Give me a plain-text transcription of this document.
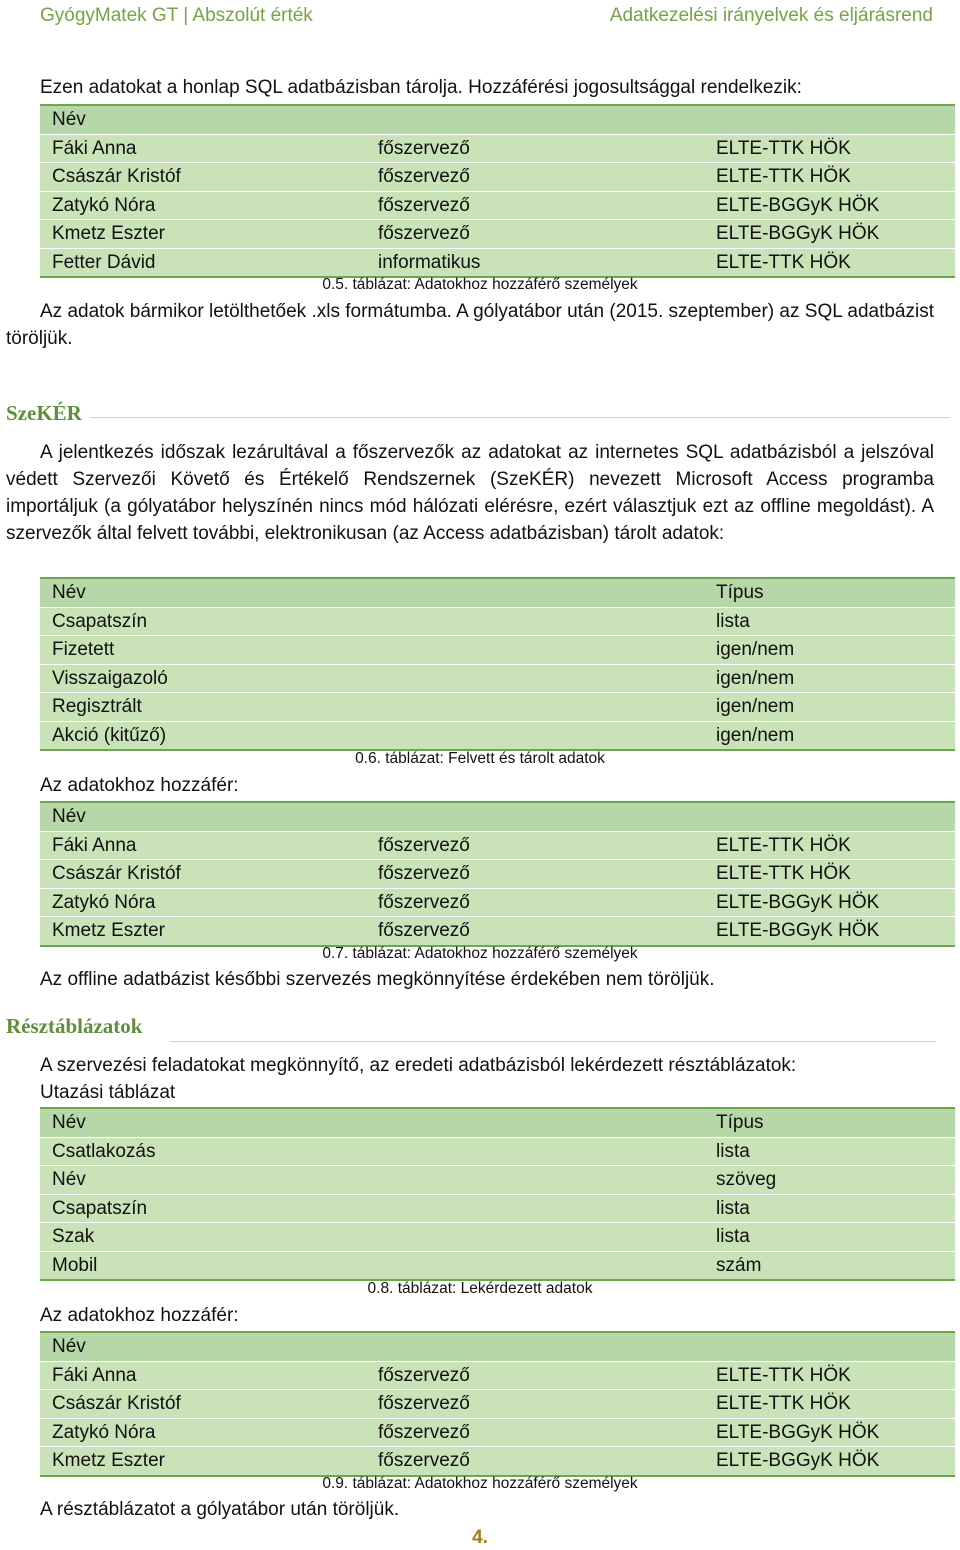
GyógyMatek GT | Abszolút érték	Adatkezelési irányelvek és eljárásrend
Ezen adatokat a honlap SQL adatbázisban tárolja. Hozzáférési jogosultsággal rendelkezik:
Név
Fáki Anna	főszervező	ELTE-TTK HÖK
Császár Kristóf	főszervező	ELTE-TTK HÖK
Zatykó Nóra	főszervező	ELTE-BGGyK HÖK
Kmetz Eszter	főszervező	ELTE-BGGyK HÖK
Fetter Dávid	informatikus	ELTE-TTK HÖK
0.5. táblázat: Adatokhoz hozzáférő személyek
Az adatok bármikor letölthetőek .xls formátumba. A gólyatábor után (2015. szeptember) az SQL adatbázist töröljük.
SzeKÉR
A jelentkezés időszak lezárultával a főszervezők az adatokat az internetes SQL adatbázisból a jelszóval védett Szervezői Követő és Értékelő Rendszernek (SzeKÉR) nevezett Microsoft Access programba importáljuk (a gólyatábor helyszínén nincs mód hálózati elérésre, ezért választjuk ezt az offline megoldást). A szervezők által felvett további, elektronikusan (az Access adatbázisban) tárolt adatok:
Név	Típus
Csapatszín	lista
Fizetett	igen/nem
Visszaigazoló	igen/nem
Regisztrált	igen/nem
Akció (kitűző)	igen/nem
0.6. táblázat: Felvett és tárolt adatok
Az adatokhoz hozzáfér:
Név
Fáki Anna	főszervező	ELTE-TTK HÖK
Császár Kristóf	főszervező	ELTE-TTK HÖK
Zatykó Nóra	főszervező	ELTE-BGGyK HÖK
Kmetz Eszter	főszervező	ELTE-BGGyK HÖK
0.7. táblázat: Adatokhoz hozzáférő személyek
Az offline adatbázist későbbi szervezés megkönnyítése érdekében nem töröljük.
Résztáblázatok
A szervezési feladatokat megkönnyítő, az eredeti adatbázisból lekérdezett résztáblázatok:
Utazási táblázat
Név	Típus
Csatlakozás	lista
Név	szöveg
Csapatszín	lista
Szak	lista
Mobil	szám
0.8. táblázat: Lekérdezett adatok
Az adatokhoz hozzáfér:
Név
Fáki Anna	főszervező	ELTE-TTK HÖK
Császár Kristóf	főszervező	ELTE-TTK HÖK
Zatykó Nóra	főszervező	ELTE-BGGyK HÖK
Kmetz Eszter	főszervező	ELTE-BGGyK HÖK
0.9. táblázat: Adatokhoz hozzáférő személyek
A résztáblázatot a gólyatábor után töröljük.
4.
